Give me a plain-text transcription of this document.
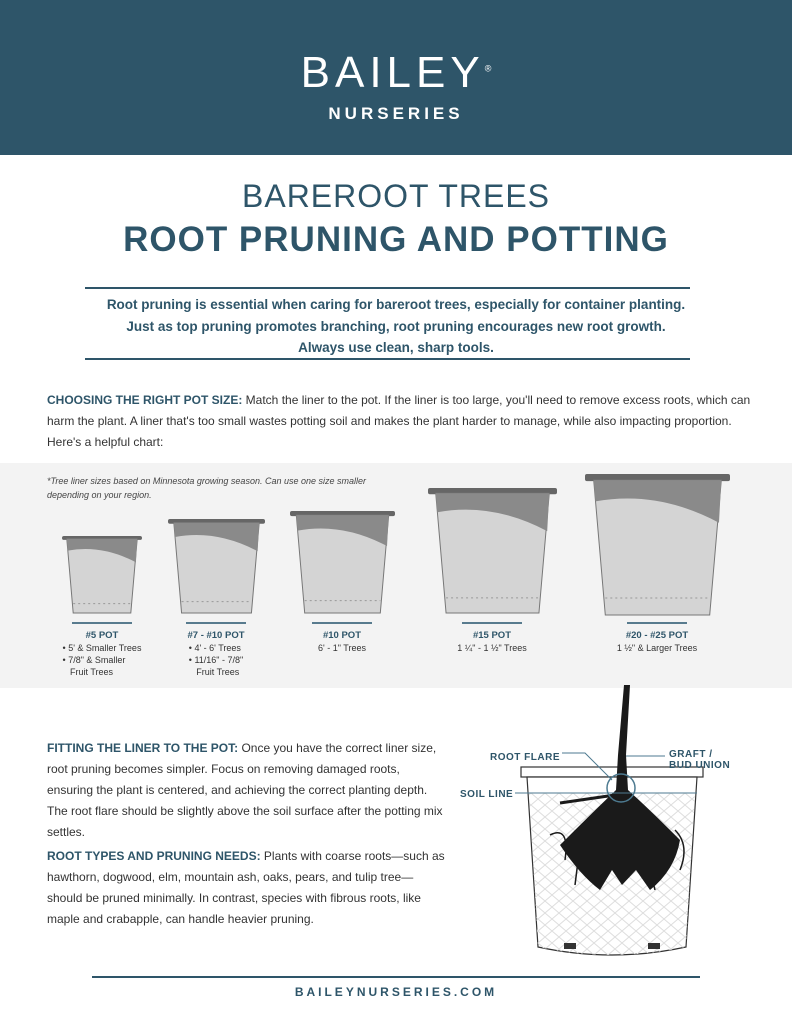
BAILEY®
NURSERIES
BAREROOT TREES
ROOT PRUNING AND POTTING
Root pruning is essential when caring for bareroot trees, especially for container planting.
Just as top pruning promotes branching, root pruning encourages new root growth.
Always use clean, sharp tools.
CHOOSING THE RIGHT POT SIZE: Match the liner to the pot. If the liner is too large, you'll need to remove excess roots, which can harm the plant. A liner that's too small wastes potting soil and makes the plant harder to manage, while also impacting proportion. Here's a helpful chart:
*Tree liner sizes based on Minnesota growing season. Can use one size smaller depending on your region.
#5 POT
• 5' & Smaller Trees
• 7/8" & Smaller
Fruit Trees
#7 - #10 POT
• 4' - 6' Trees
• 11/16" - 7/8"
Fruit Trees
#10 POT
6' - 1" Trees
#15 POT
1 ¼" - 1 ½" Trees
#20 - #25 POT
1 ½" & Larger Trees
FITTING THE LINER TO THE POT: Once you have the correct liner size, root pruning becomes simpler. Focus on removing damaged roots, ensuring the plant is centered, and achieving the correct planting depth. The root flare should be slightly above the soil surface after the potting mix settles.
ROOT TYPES AND PRUNING NEEDS: Plants with coarse roots—such as hawthorn, dogwood, elm, mountain ash, oaks, pears, and tulip tree—should be pruned minimally. In contrast, species with fibrous roots, like maple and crabapple, can handle heavier pruning.
ROOT FLARE	GRAFT /
BUD UNION
SOIL LINE
BAILEYNURSERIES.COM
